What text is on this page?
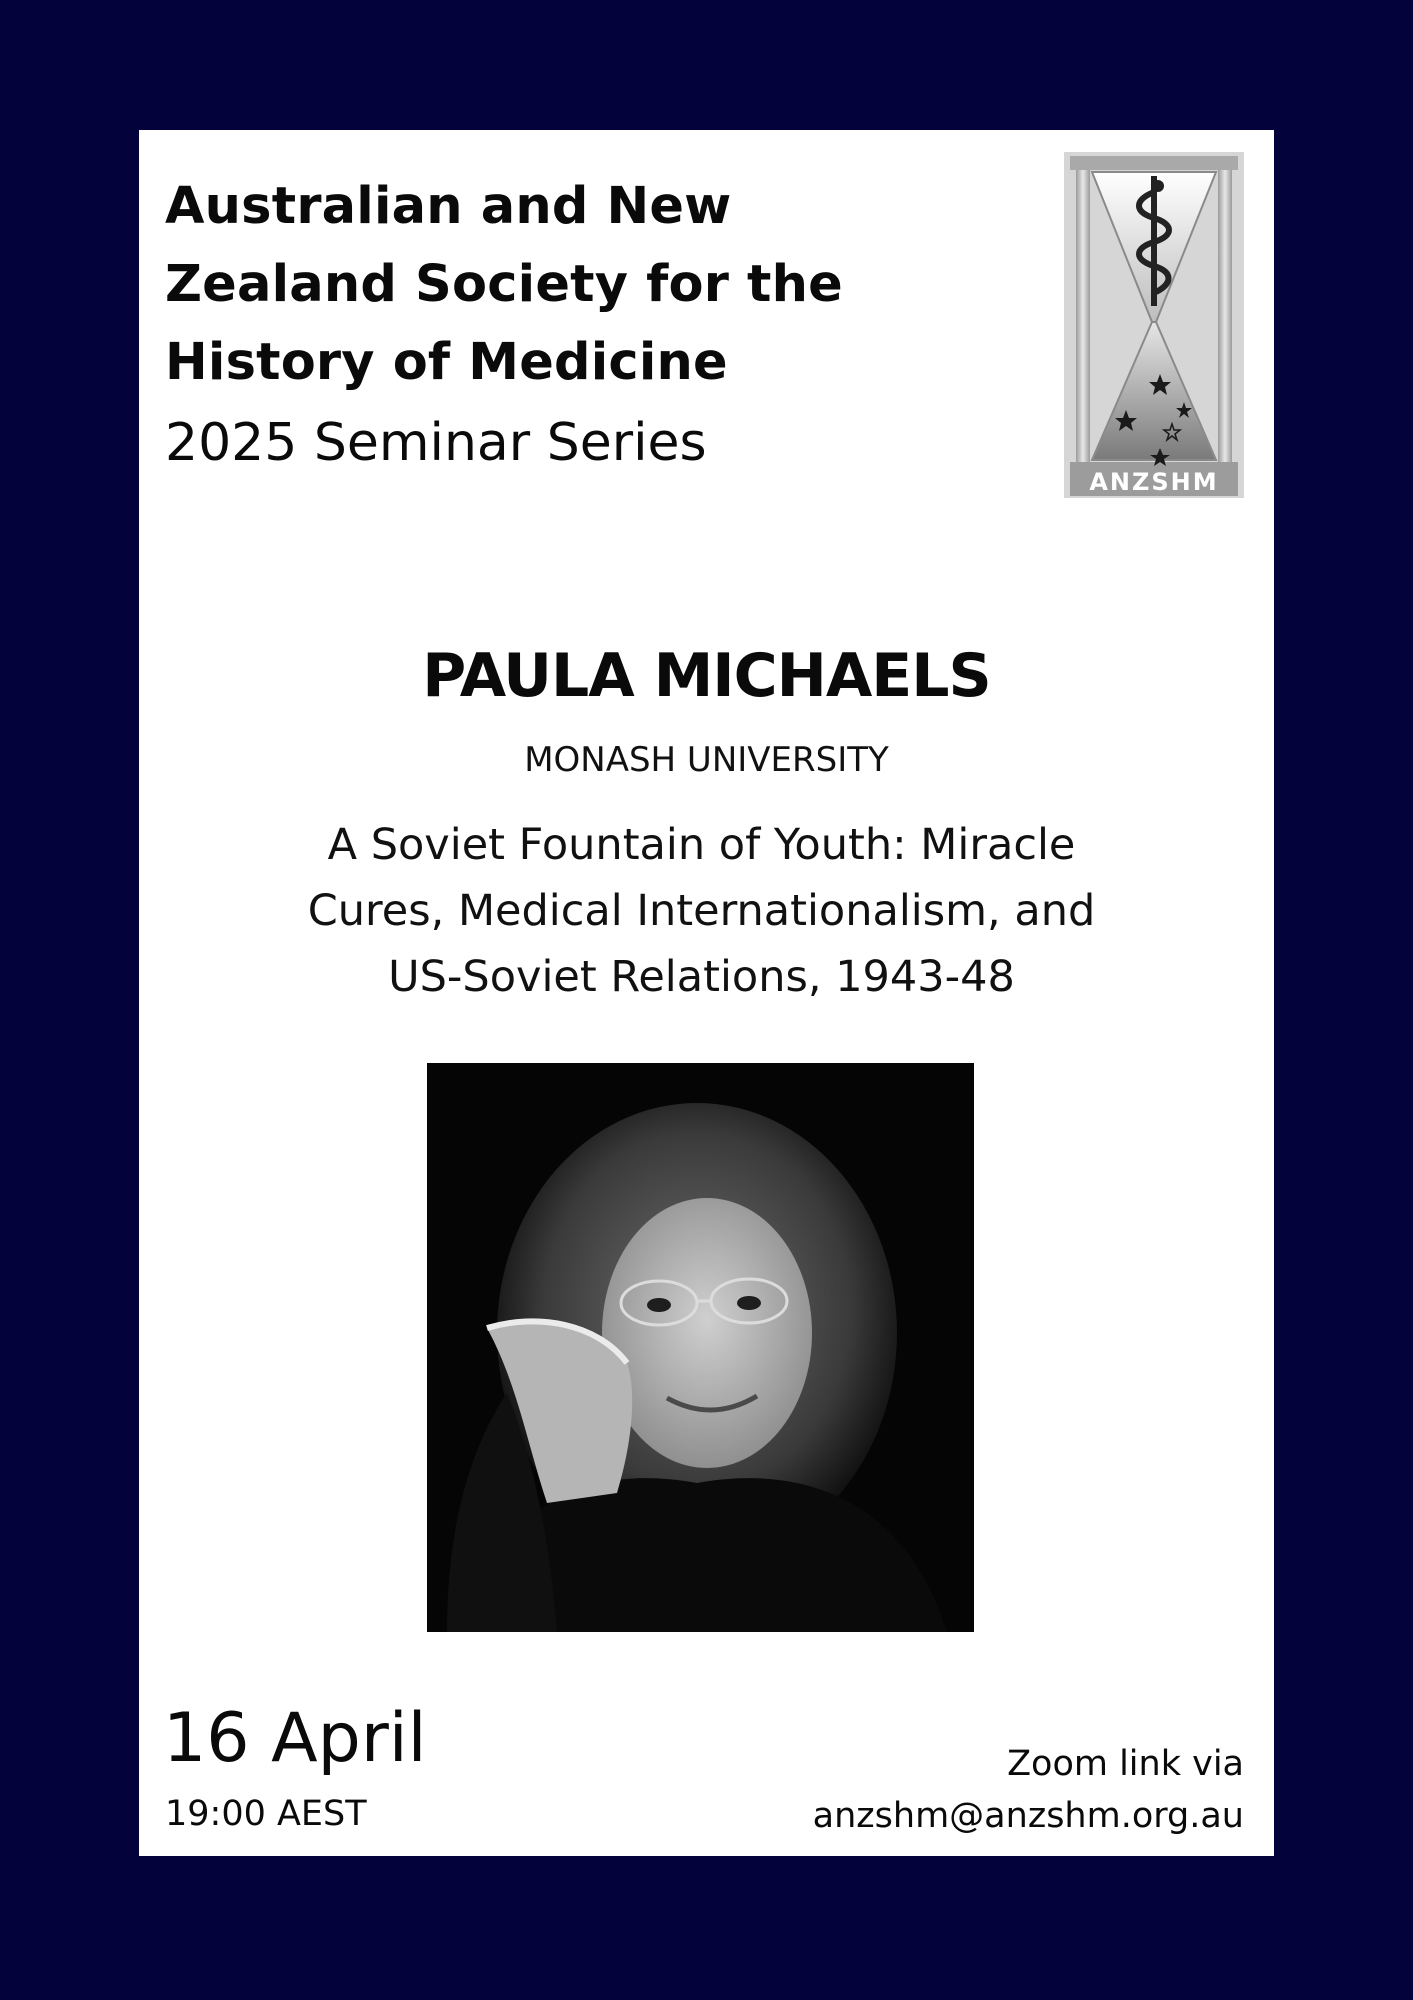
Australian and New
Zealand Society for the
History of Medicine
2025 Seminar Series
ANZSHM
PAULA MICHAELS
MONASH UNIVERSITY
A Soviet Fountain of Youth: Miracle
Cures, Medical Internationalism, and
US-Soviet Relations, 1943-48
16 April
19:00 AEST
Zoom link via
anzshm@anzshm.org.au
